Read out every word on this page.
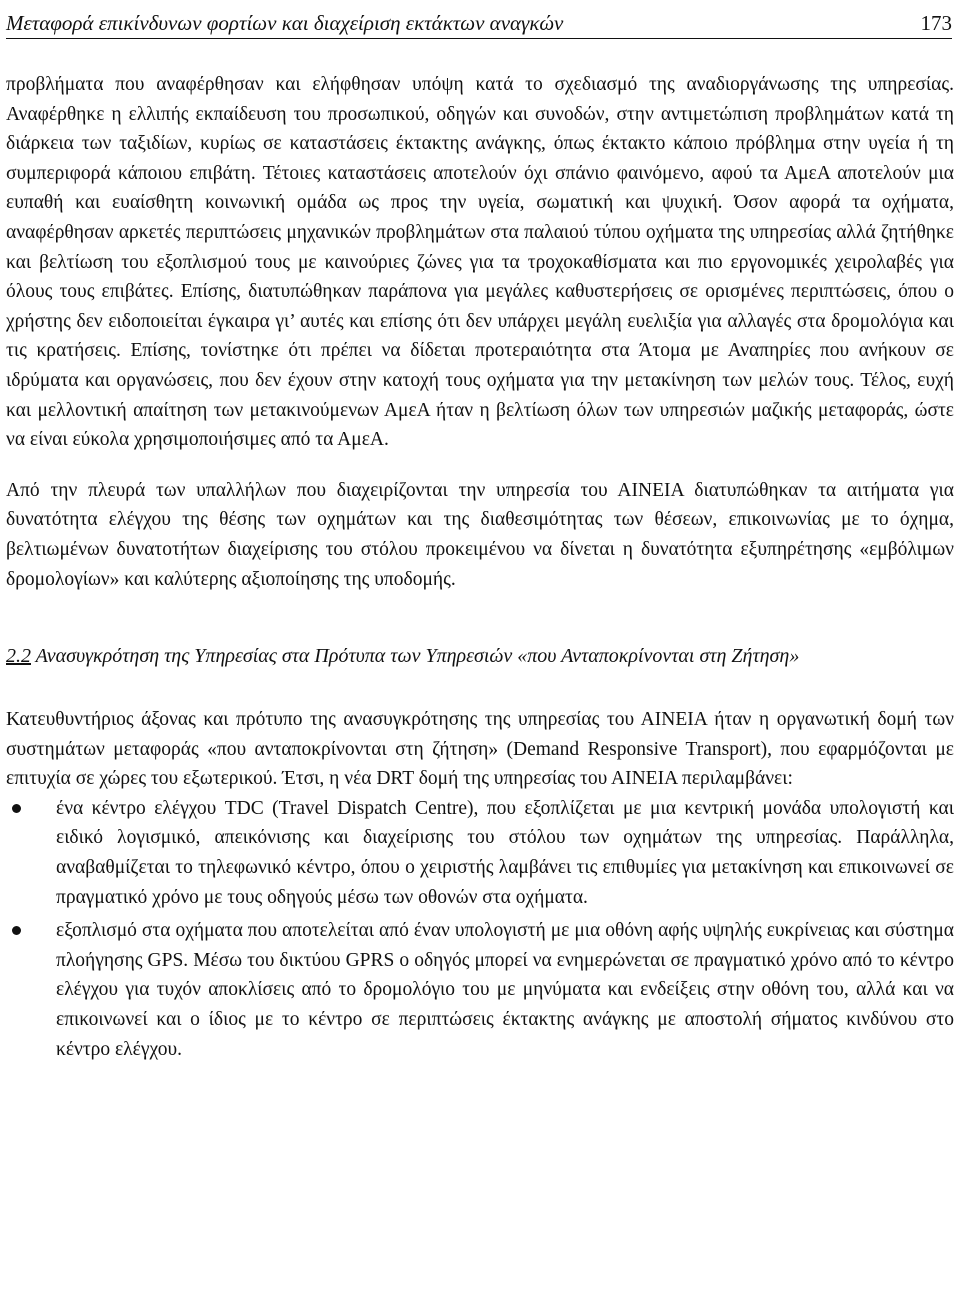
Μεταφορά επικίνδυνων φορτίων και διαχείριση εκτάκτων αναγκών	173

προβλήματα που αναφέρθησαν και ελήφθησαν υπόψη κατά το σχεδιασμό της αναδιοργάνωσης της υπηρεσίας. Αναφέρθηκε η ελλιπής εκπαίδευση του προσωπικού, οδηγών και συνοδών, στην αντιμετώπιση προβλημάτων κατά τη διάρκεια των ταξιδίων, κυρίως σε καταστάσεις έκτακτης ανάγκης, όπως έκτακτο κάποιο πρόβλημα στην υγεία ή τη συμπεριφορά κάποιου επιβάτη. Τέτοιες καταστάσεις αποτελούν όχι σπάνιο φαινόμενο, αφού τα ΑμεΑ αποτελούν μια ευπαθή και ευαίσθητη κοινωνική ομάδα ως προς την υγεία, σωματική και ψυχική. Όσον αφορά τα οχήματα, αναφέρθησαν αρκετές περιπτώσεις μηχανικών προβλημάτων στα παλαιού τύπου οχήματα της υπηρεσίας αλλά ζητήθηκε και βελτίωση του εξοπλισμού τους με καινούριες ζώνες για τα τροχοκαθίσματα και πιο εργονομικές χειρολαβές για όλους τους επιβάτες. Επίσης, διατυπώθηκαν παράπονα για μεγάλες καθυστερήσεις σε ορισμένες περιπτώσεις, όπου ο χρήστης δεν ειδοποιείται έγκαιρα γι’ αυτές και επίσης ότι δεν υπάρχει μεγάλη ευελιξία για αλλαγές στα δρομολόγια και τις κρατήσεις. Επίσης, τονίστηκε ότι πρέπει να δίδεται προτεραιότητα στα Άτομα με Αναπηρίες που ανήκουν σε ιδρύματα και οργανώσεις, που δεν έχουν στην κατοχή τους οχήματα για την μετακίνηση των μελών τους. Τέλος, ευχή και μελλοντική απαίτηση των μετακινούμενων ΑμεΑ ήταν η βελτίωση όλων των υπηρεσιών μαζικής μεταφοράς, ώστε να είναι εύκολα χρησιμοποιήσιμες από τα ΑμεΑ.

Από την πλευρά των υπαλλήλων που διαχειρίζονται την υπηρεσία του ΑΙΝΕΙΑ διατυπώθηκαν τα αιτήματα για δυνατότητα ελέγχου της θέσης των οχημάτων και της διαθεσιμότητας των θέσεων, επικοινωνίας με το όχημα, βελτιωμένων δυνατοτήτων διαχείρισης του στόλου προκειμένου να δίνεται η δυνατότητα εξυπηρέτησης «εμβόλιμων δρομολογίων» και καλύτερης αξιοποίησης της υποδομής.

2.2 Ανασυγκρότηση της Υπηρεσίας στα Πρότυπα των Υπηρεσιών «που Ανταποκρίνονται στη Ζήτηση»

Κατευθυντήριος άξονας και πρότυπο της ανασυγκρότησης της υπηρεσίας του ΑΙΝΕΙΑ ήταν η οργανωτική δομή των συστημάτων μεταφοράς «που ανταποκρίνονται στη ζήτηση» (Demand Responsive Transport), που εφαρμόζονται με επιτυχία σε χώρες του εξωτερικού. Έτσι, η νέα DRT δομή της υπηρεσίας του ΑΙΝΕΙΑ περιλαμβάνει:

ένα κέντρο ελέγχου TDC (Travel Dispatch Centre), που εξοπλίζεται με μια κεντρική μονάδα υπολογιστή και ειδικό λογισμικό, απεικόνισης και διαχείρισης του στόλου των οχημάτων της υπηρεσίας. Παράλληλα, αναβαθμίζεται το τηλεφωνικό κέντρο, όπου ο χειριστής λαμβάνει τις επιθυμίες για μετακίνηση και επικοινωνεί σε πραγματικό χρόνο με τους οδηγούς μέσω των οθονών στα οχήματα.
εξοπλισμό στα οχήματα που αποτελείται από έναν υπολογιστή με μια οθόνη αφής υψηλής ευκρίνειας και σύστημα πλοήγησης GPS. Μέσω του δικτύου GPRS ο οδηγός μπορεί να ενημερώνεται σε πραγματικό χρόνο από το κέντρο ελέγχου για τυχόν αποκλίσεις από το δρομολόγιο του με μηνύματα και ενδείξεις στην οθόνη του, αλλά και να επικοινωνεί και ο ίδιος με το κέντρο σε περιπτώσεις έκτακτης ανάγκης με αποστολή σήματος κινδύνου στο κέντρο ελέγχου.
